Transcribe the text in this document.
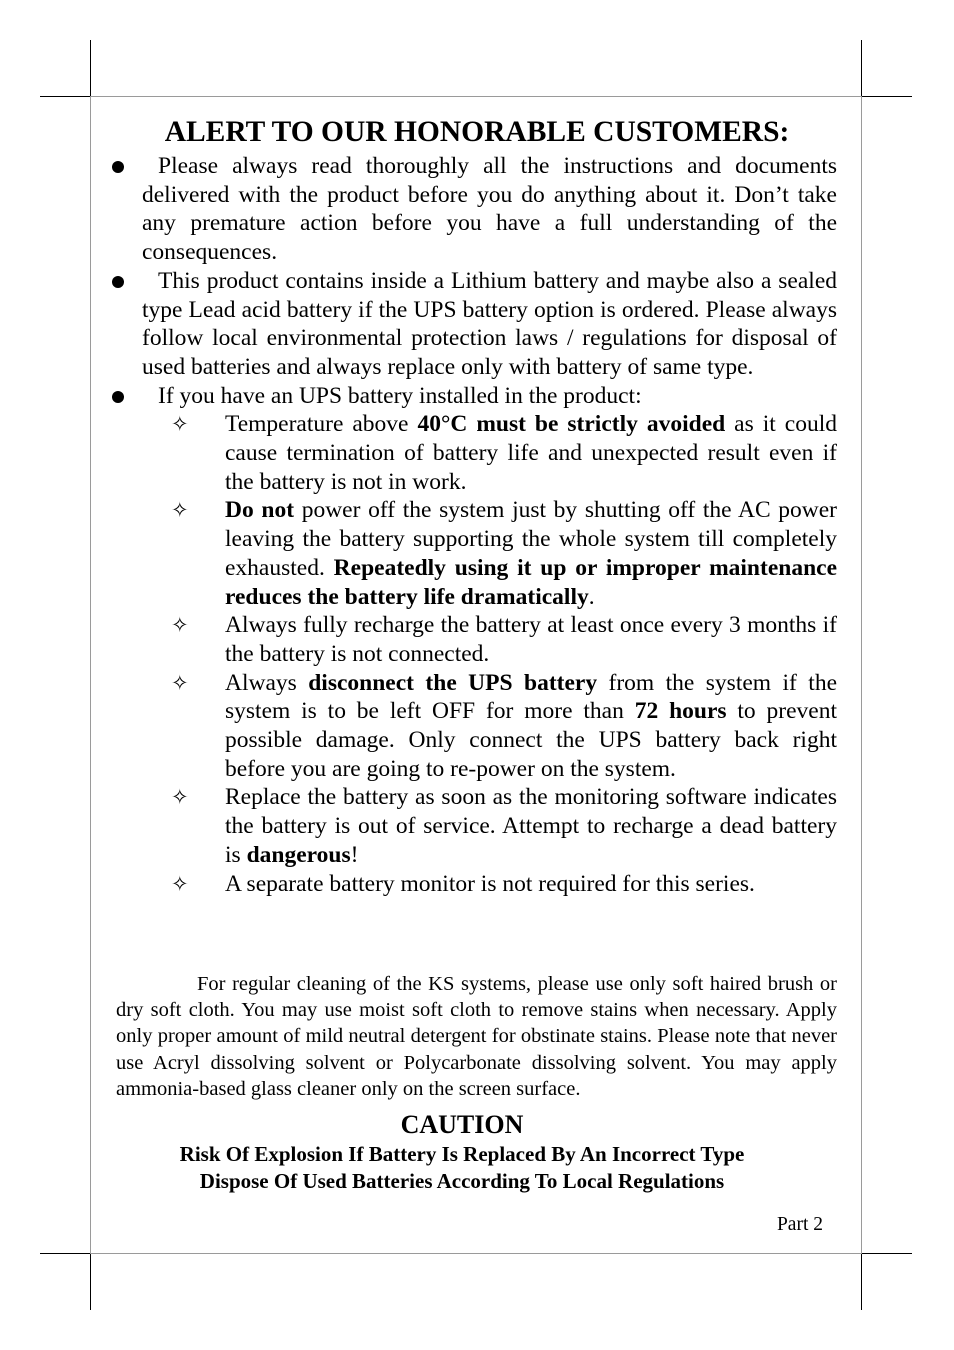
ALERT TO OUR HONORABLE CUSTOMERS:
Please always read thoroughly all the instructions and documents delivered with the product before you do anything about it. Don’t take any premature action before you have a full understanding of the consequences.
This product contains inside a Lithium battery and maybe also a sealed type Lead acid battery if the UPS battery option is ordered. Please always follow local environmental protection laws / regulations for disposal of used batteries and always replace only with battery of same type.
If you have an UPS battery installed in the product:
✧ Temperature above 40°C must be strictly avoided as it could cause termination of battery life and unexpected result even if the battery is not in work.
✧ Do not power off the system just by shutting off the AC power leaving the battery supporting the whole system till completely exhausted. Repeatedly using it up or improper maintenance reduces the battery life dramatically.
✧ Always fully recharge the battery at least once every 3 months if the battery is not connected.
✧ Always disconnect the UPS battery from the system if the system is to be left OFF for more than 72 hours to prevent possible damage. Only connect the UPS battery back right before you are going to re-power on the system.
✧ Replace the battery as soon as the monitoring software indicates the battery is out of service. Attempt to recharge a dead battery is dangerous!
✧ A separate battery monitor is not required for this series.
For regular cleaning of the KS systems, please use only soft haired brush or dry soft cloth. You may use moist soft cloth to remove stains when necessary. Apply only proper amount of mild neutral detergent for obstinate stains. Please note that never use Acryl dissolving solvent or Polycarbonate dissolving solvent. You may apply ammonia-based glass cleaner only on the screen surface.
CAUTION
Risk Of Explosion If Battery Is Replaced By An Incorrect Type
Dispose Of Used Batteries According To Local Regulations
Part 2
